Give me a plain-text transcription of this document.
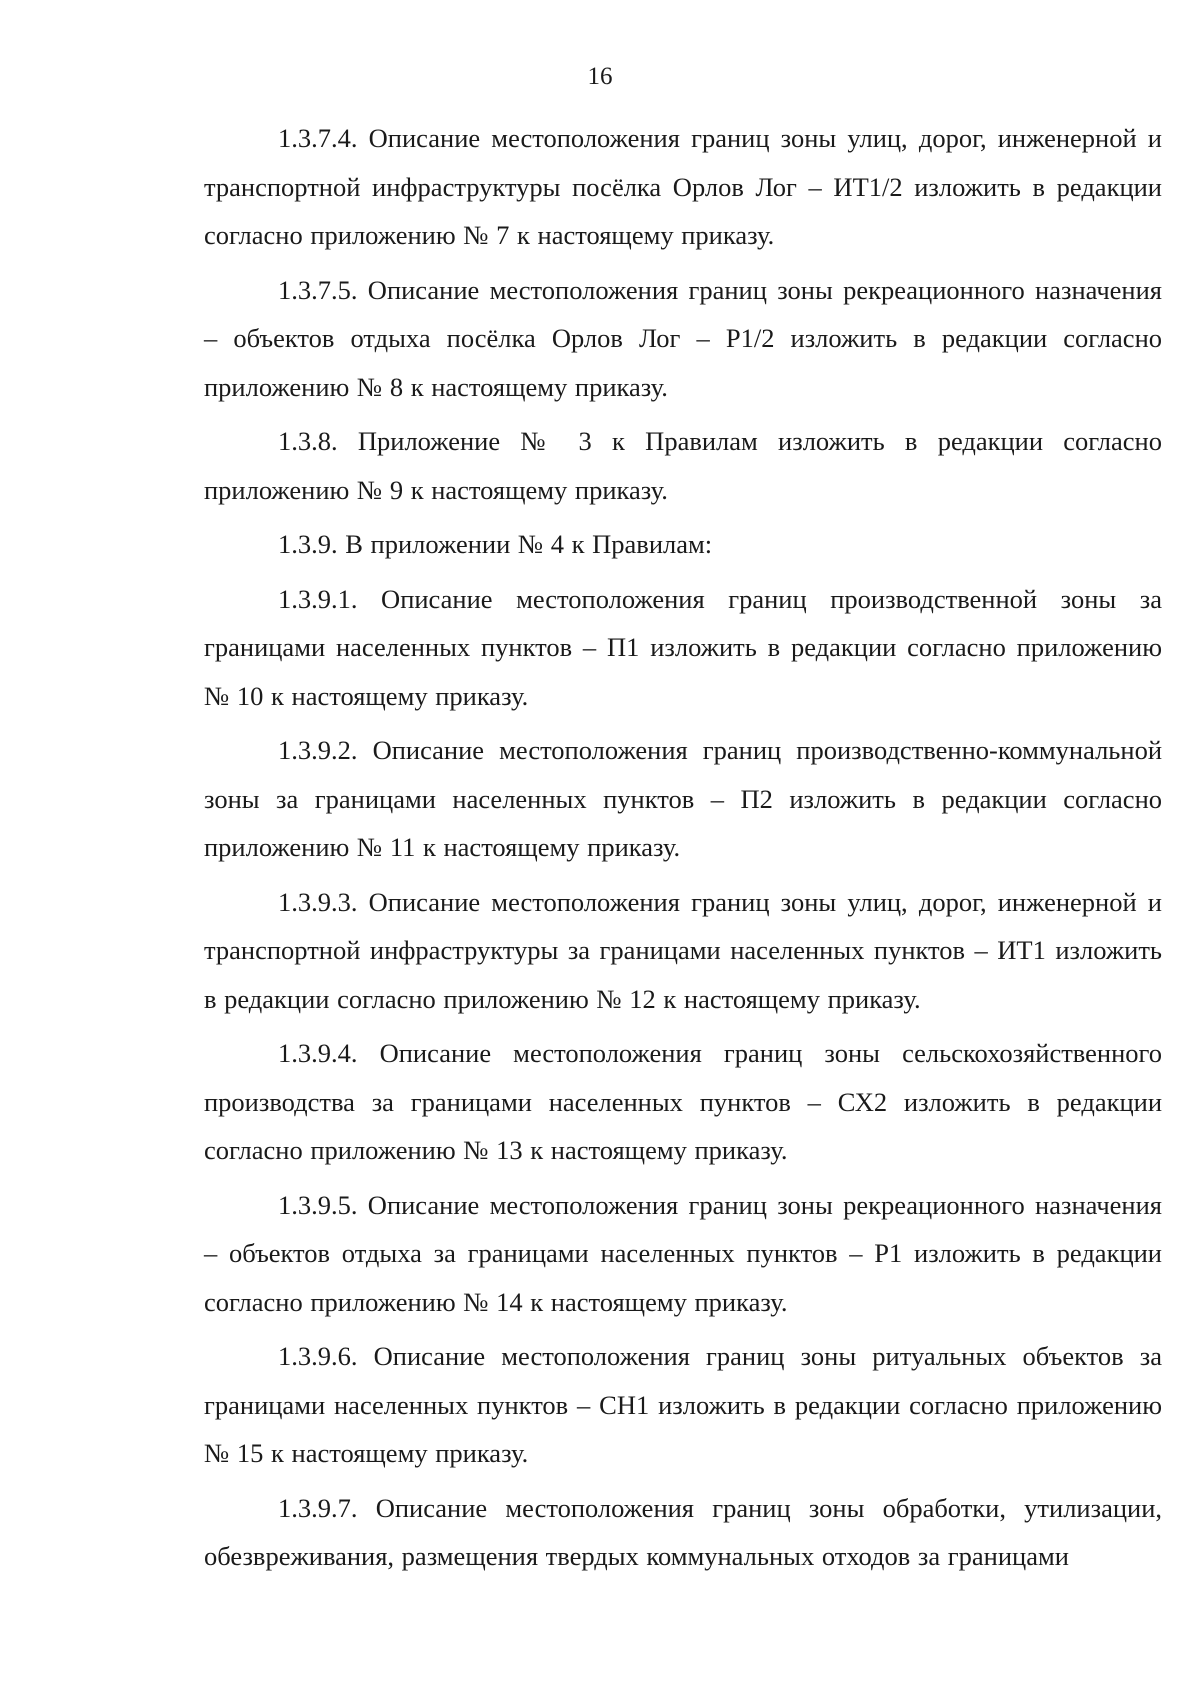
16

1.3.7.4. Описание местоположения границ зоны улиц, дорог, инженерной и транспортной инфраструктуры посёлка Орлов Лог – ИТ1/2 изложить в редакции согласно приложению № 7 к настоящему приказу.

1.3.7.5. Описание местоположения границ зоны рекреационного назначения – объектов отдыха посёлка Орлов Лог – Р1/2 изложить в редакции согласно приложению № 8 к настоящему приказу.

1.3.8. Приложение № 3 к Правилам изложить в редакции согласно приложению № 9 к настоящему приказу.

1.3.9. В приложении № 4 к Правилам:

1.3.9.1. Описание местоположения границ производственной зоны за границами населенных пунктов – П1 изложить в редакции согласно приложению № 10 к настоящему приказу.

1.3.9.2. Описание местоположения границ производственно-коммунальной зоны за границами населенных пунктов – П2 изложить в редакции согласно приложению № 11 к настоящему приказу.

1.3.9.3. Описание местоположения границ зоны улиц, дорог, инженерной и транспортной инфраструктуры за границами населенных пунктов – ИТ1 изложить в редакции согласно приложению № 12 к настоящему приказу.

1.3.9.4. Описание местоположения границ зоны сельскохозяйственного производства за границами населенных пунктов – СХ2 изложить в редакции согласно приложению № 13 к настоящему приказу.

1.3.9.5. Описание местоположения границ зоны рекреационного назначения – объектов отдыха за границами населенных пунктов – Р1 изложить в редакции согласно приложению № 14 к настоящему приказу.

1.3.9.6. Описание местоположения границ зоны ритуальных объектов за границами населенных пунктов – СН1 изложить в редакции согласно приложению № 15 к настоящему приказу.

1.3.9.7. Описание местоположения границ зоны обработки, утилизации, обезвреживания, размещения твердых коммунальных отходов за границами
